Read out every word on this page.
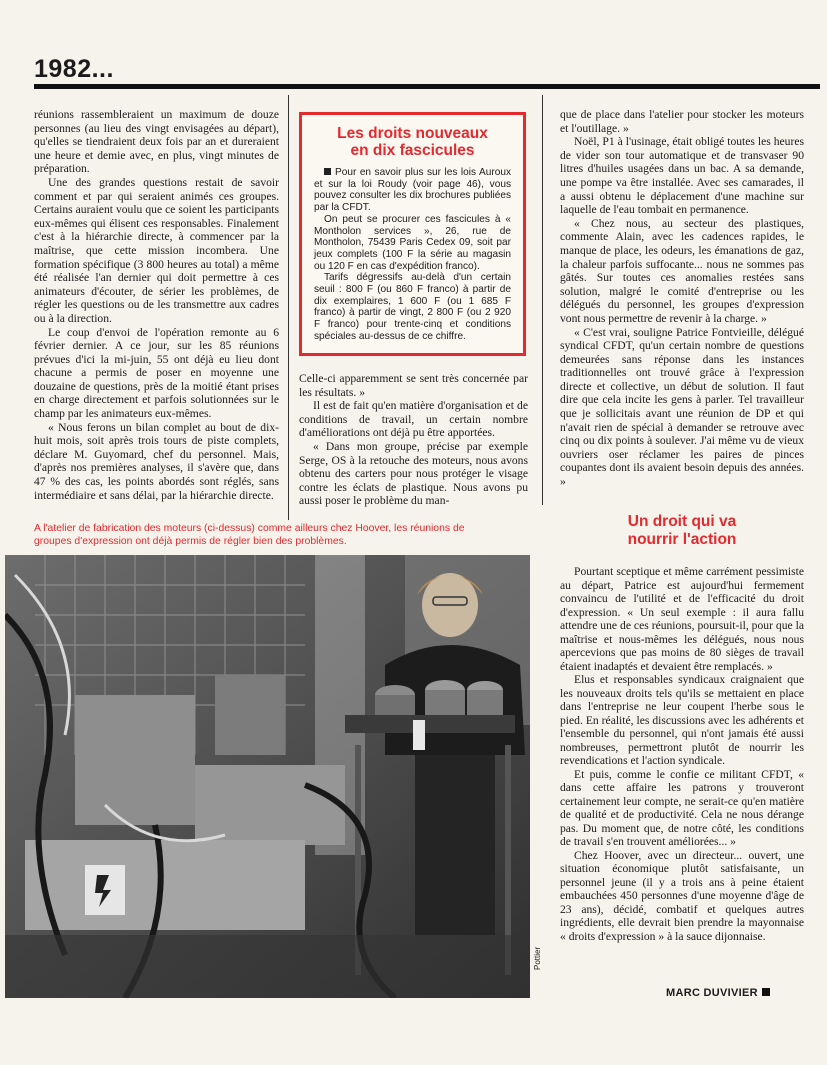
1982...

réunions rassembleraient un maximum de douze personnes (au lieu des vingt envisagées au départ), qu'elles se tiendraient deux fois par an et dureraient une heure et demie avec, en plus, vingt minutes de préparation.

Une des grandes questions restait de savoir comment et par qui seraient animés ces groupes. Certains auraient voulu que ce soient les participants eux-mêmes qui élisent ces responsables. Finalement c'est à la hiérarchie directe, à commencer par la maîtrise, que cette mission incombera. Une formation spécifique (3 800 heures au total) a même été réalisée l'an dernier qui doit permettre à ces animateurs d'écouter, de sérier les problèmes, de régler les questions ou de les transmettre aux cadres ou à la direction.

Le coup d'envoi de l'opération remonte au 6 février dernier. A ce jour, sur les 85 réunions prévues d'ici la mi-juin, 55 ont déjà eu lieu dont chacune a permis de poser en moyenne une douzaine de questions, près de la moitié étant prises en charge directement et parfois solutionnées sur le champ par les animateurs eux-mêmes.

« Nous ferons un bilan complet au bout de dix-huit mois, soit après trois tours de piste complets, déclare M. Guyomard, chef du personnel. Mais, d'après nos premières analyses, il s'avère que, dans 47 % des cas, les points abordés sont réglés, sans intermédiaire et sans délai, par la hiérarchie directe.

Les droits nouveaux
en dix fascicules

Pour en savoir plus sur les lois Auroux et sur la loi Roudy (voir page 46), vous pouvez consulter les dix brochures publiées par la CFDT.

On peut se procurer ces fascicules à « Montholon services », 26, rue de Montholon, 75439 Paris Cedex 09, soit par jeux complets (100 F la série au magasin ou 120 F en cas d'expédition franco).

Tarifs dégressifs au-delà d'un certain seuil : 800 F (ou 860 F franco) à partir de dix exemplaires, 1 600 F (ou 1 685 F franco) à partir de vingt, 2 800 F (ou 2 920 F franco) pour trente-cinq et conditions spéciales au-dessus de ce chiffre.

Celle-ci apparemment se sent très concernée par les résultats. »

Il est de fait qu'en matière d'organisation et de conditions de travail, un certain nombre d'améliorations ont déjà pu être apportées.

« Dans mon groupe, précise par exemple Serge, OS à la retouche des moteurs, nous avons obtenu des carters pour nous protéger le visage contre les éclats de plastique. Nous avons pu aussi poser le problème du man-

que de place dans l'atelier pour stocker les moteurs et l'outillage. »

Noël, P1 à l'usinage, était obligé toutes les heures de vider son tour automatique et de transvaser 90 litres d'huiles usagées dans un bac. A sa demande, une pompe va être installée. Avec ses camarades, il a aussi obtenu le déplacement d'une machine sur laquelle de l'eau tombait en permanence.

« Chez nous, au secteur des plastiques, commente Alain, avec les cadences rapides, le manque de place, les odeurs, les émanations de gaz, la chaleur parfois suffocante... nous ne sommes pas gâtés. Sur toutes ces anomalies restées sans solution, malgré le comité d'entreprise ou les délégués du personnel, les groupes d'expression vont nous permettre de revenir à la charge. »

« C'est vrai, souligne Patrice Fontvieille, délégué syndical CFDT, qu'un certain nombre de questions demeurées sans réponse dans les instances traditionnelles ont trouvé grâce à l'expression directe et collective, un début de solution. Il faut dire que cela incite les gens à parler. Tel travailleur que je sollicitais avant une réunion de DP et qui n'avait rien de spécial à demander se retrouve avec cinq ou dix points à soulever. J'ai même vu de vieux ouvriers oser réclamer les paires de pinces coupantes dont ils avaient besoin depuis des années. »

Un droit qui va
nourrir l'action

Pourtant sceptique et même carrément pessimiste au départ, Patrice est aujourd'hui fermement convaincu de l'utilité et de l'efficacité du droit d'expression. « Un seul exemple : il aura fallu attendre une de ces réunions, poursuit-il, pour que la maîtrise et nous-mêmes les délégués, nous nous apercevions que pas moins de 80 sièges de travail étaient inadaptés et devaient être remplacés. »

Elus et responsables syndicaux craignaient que les nouveaux droits tels qu'ils se mettaient en place dans l'entreprise ne leur coupent l'herbe sous le pied. En réalité, les discussions avec les adhérents et l'ensemble du personnel, qui n'ont jamais été aussi nombreuses, permettront plutôt de nourrir les revendications et l'action syndicale.

Et puis, comme le confie ce militant CFDT, « dans cette affaire les patrons y trouveront certainement leur compte, ne serait-ce qu'en matière de qualité et de productivité. Cela ne nous dérange pas. Du moment que, de notre côté, les conditions de travail s'en trouvent améliorées... »

Chez Hoover, avec un directeur... ouvert, une situation économique plutôt satisfaisante, un personnel jeune (il y a trois ans à peine étaient embauchées 450 personnes d'une moyenne d'âge de 23 ans), décidé, combatif et quelques autres ingrédients, elle devrait bien prendre la mayonnaise « droits d'expression » à la sauce dijonnaise.

A l'atelier de fabrication des moteurs (ci-dessus) comme ailleurs chez Hoover, les réunions de
groupes d'expression ont déjà permis de régler bien des problèmes.
Pottier
MARC DUVIVIER
